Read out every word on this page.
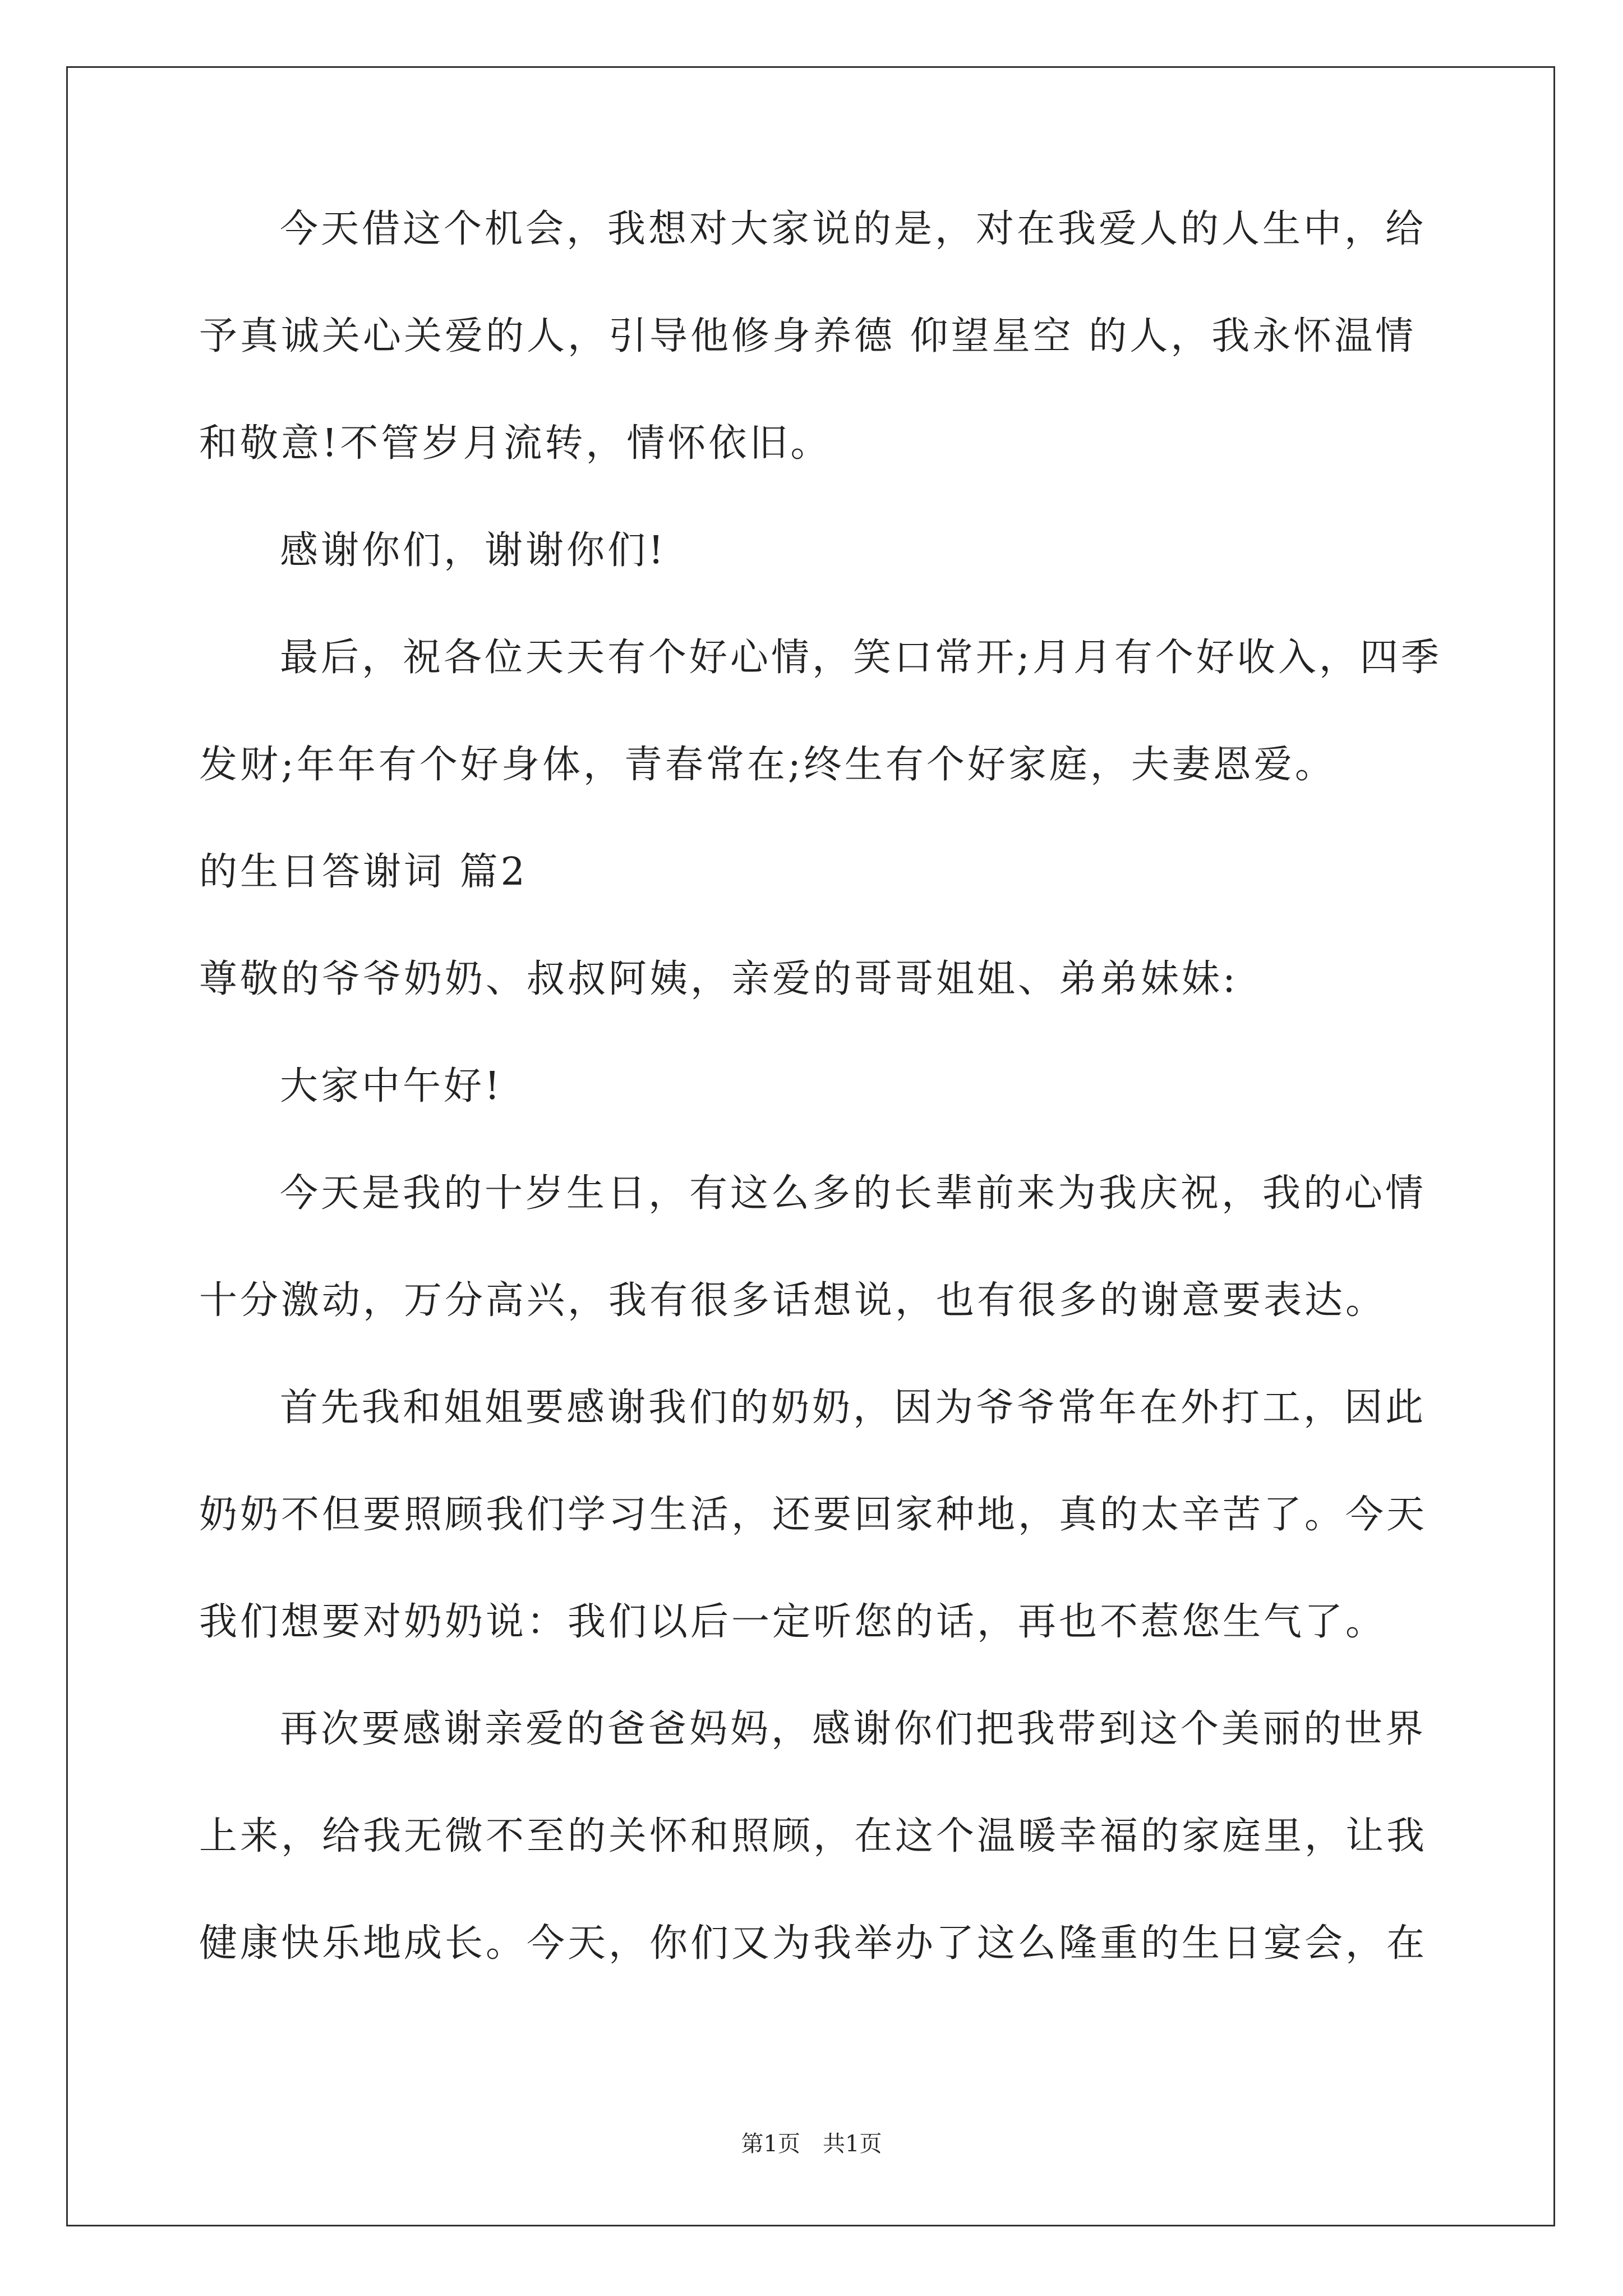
今天借这个机会，我想对大家说的是，对在我爱人的人生中，给

予真诚关心关爱的人，引导他修身养德 仰望星空 的人，我永怀温情

和敬意!不管岁月流转，情怀依旧。

感谢你们，谢谢你们!

最后，祝各位天天有个好心情，笑口常开;月月有个好收入，四季

发财;年年有个好身体，青春常在;终生有个好家庭，夫妻恩爱。

的生日答谢词 篇2

尊敬的爷爷奶奶、叔叔阿姨，亲爱的哥哥姐姐、弟弟妹妹:

大家中午好!

今天是我的十岁生日，有这么多的长辈前来为我庆祝，我的心情

十分激动，万分高兴，我有很多话想说，也有很多的谢意要表达。

首先我和姐姐要感谢我们的奶奶，因为爷爷常年在外打工，因此

奶奶不但要照顾我们学习生活，还要回家种地，真的太辛苦了。今天

我们想要对奶奶说：我们以后一定听您的话，再也不惹您生气了。

再次要感谢亲爱的爸爸妈妈，感谢你们把我带到这个美丽的世界

上来，给我无微不至的关怀和照顾，在这个温暖幸福的家庭里，让我

健康快乐地成长。今天，你们又为我举办了这么隆重的生日宴会，在

第1页　共1页
